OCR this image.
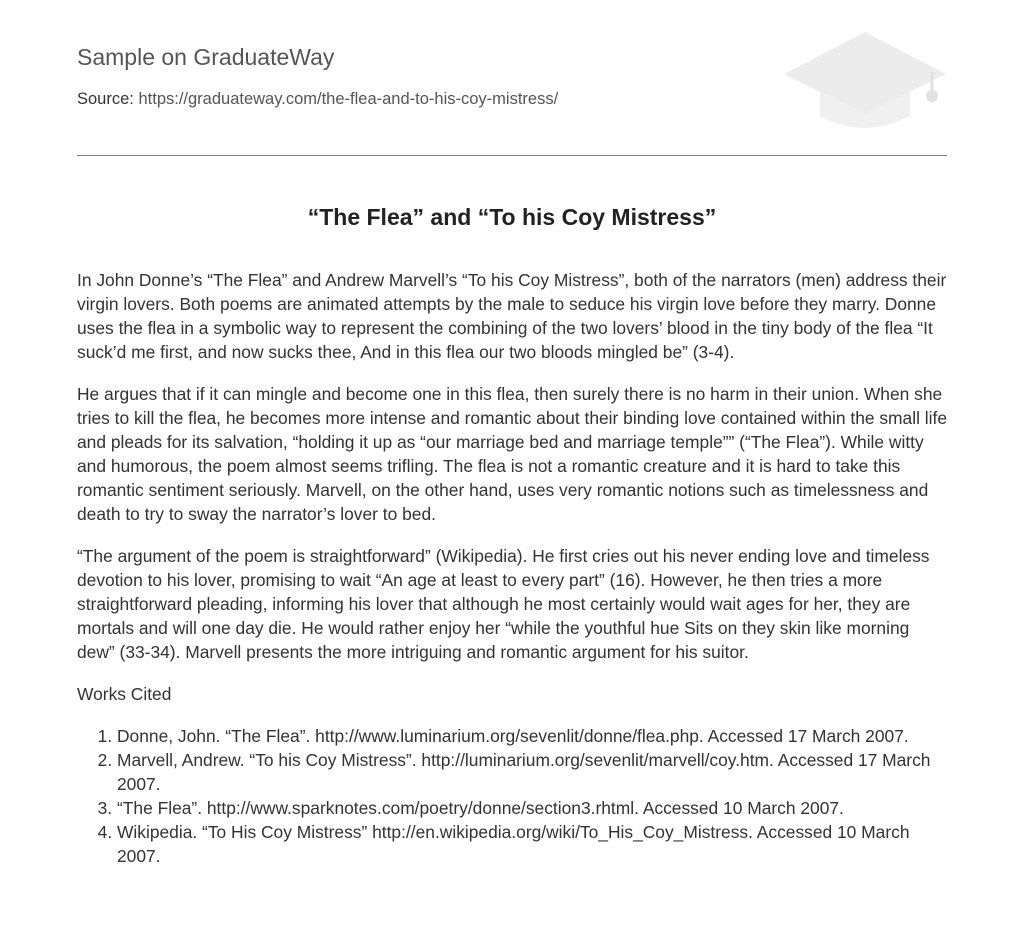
Sample on GraduateWay
Source: https://graduateway.com/the-flea-and-to-his-coy-mistress/
“The Flea” and “To his Coy Mistress”

In John Donne’s “The Flea” and Andrew Marvell’s “To his Coy Mistress”, both of the narrators (men) address their virgin lovers. Both poems are animated attempts by the male to seduce his virgin love before they marry. Donne uses the flea in a symbolic way to represent the combining of the two lovers’ blood in the tiny body of the flea “It suck’d me first, and now sucks thee, And in this flea our two bloods mingled be” (3-4).

He argues that if it can mingle and become one in this flea, then surely there is no harm in their union. When she tries to kill the flea, he becomes more intense and romantic about their binding love contained within the small life and pleads for its salvation, “holding it up as “our marriage bed and marriage temple”” (“The Flea”). While witty and humorous, the poem almost seems trifling. The flea is not a romantic creature and it is hard to take this romantic sentiment seriously. Marvell, on the other hand, uses very romantic notions such as timelessness and death to try to sway the narrator’s lover to bed.

“The argument of the poem is straightforward” (Wikipedia). He first cries out his never ending love and timeless devotion to his lover, promising to wait “An age at least to every part” (16). However, he then tries a more straightforward pleading, informing his lover that although he most certainly would wait ages for her, they are mortals and will one day die. He would rather enjoy her “while the youthful hue Sits on they skin like morning dew” (33-34). Marvell presents the more intriguing and romantic argument for his suitor.

Works Cited
1. Donne, John. “The Flea”. http://www.luminarium.org/sevenlit/donne/flea.php. Accessed 17 March 2007.
2. Marvell, Andrew. “To his Coy Mistress”. http://luminarium.org/sevenlit/marvell/coy.htm. Accessed 17 March 2007.
3. “The Flea”. http://www.sparknotes.com/poetry/donne/section3.rhtml. Accessed 10 March 2007.
4. Wikipedia. “To His Coy Mistress” http://en.wikipedia.org/wiki/To_His_Coy_Mistress. Accessed 10 March 2007.
